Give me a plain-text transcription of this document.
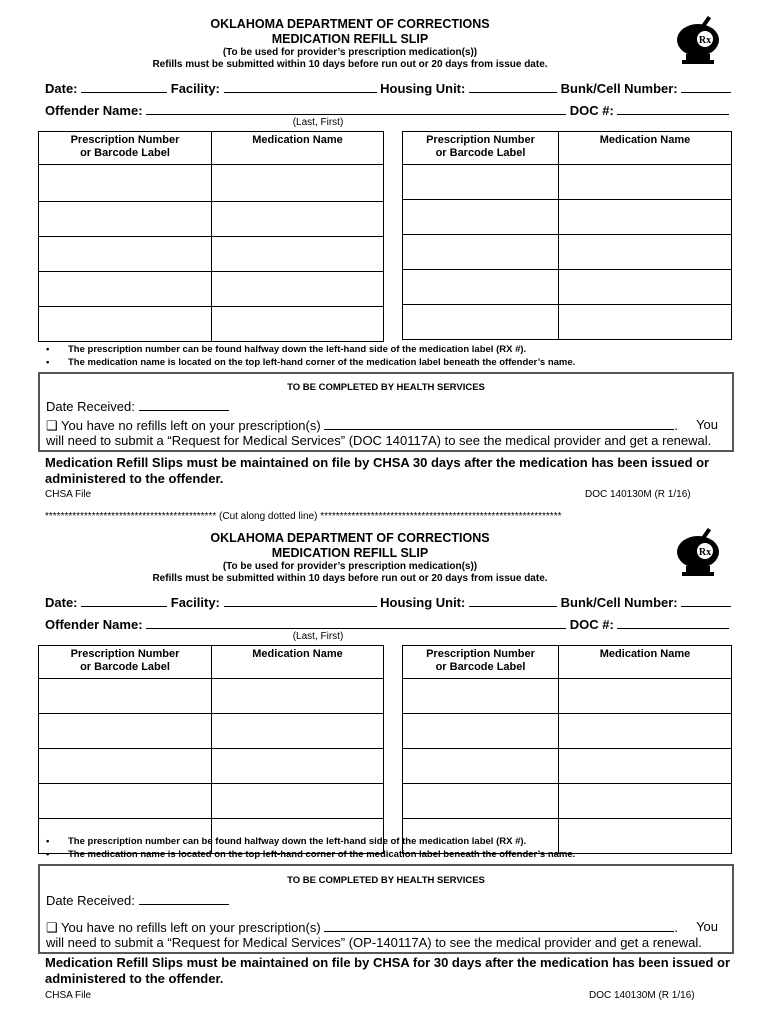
OKLAHOMA DEPARTMENT OF CORRECTIONS
MEDICATION REFILL SLIP
(To be used for provider’s prescription medication(s))
Refills must be submitted within 10 days before run out or 20 days from issue date.
Rx
Date:	Facility:	Housing Unit:	Bunk/Cell Number:
Offender Name:	DOC #:
(Last, First)
Prescription Number
or Barcode Label	Medication Name

		Prescription Number
or Barcode Label	Medication Name

• The prescription number can be found halfway down the left-hand side of the medication label (RX #).
• The medication name is located on the top left-hand corner of the medication label beneath the offender’s name.
TO BE COMPLETED BY HEALTH SERVICES
Date Received:
❑ You have no refills left on your prescription(s)	. You
will need to submit a “Request for Medical Services” (DOC 140117A) to see the medical provider and get a renewal.
Medication Refill Slips must be maintained on file by CHSA 30 days after the medication has been issued or administered to the offender.
CHSA File	DOC 140130M (R 1/16)
******************************************** (Cut along dotted line) **************************************************************
OKLAHOMA DEPARTMENT OF CORRECTIONS
MEDICATION REFILL SLIP
(To be used for provider’s prescription medication(s))
Refills must be submitted within 10 days before run out or 20 days from issue date.
Rx
Date:	Facility:	Housing Unit:	Bunk/Cell Number:
Offender Name:	DOC #:
(Last, First)
Prescription Number
or Barcode Label	Medication Name

		Prescription Number
or Barcode Label	Medication Name

• The prescription number can be found halfway down the left-hand side of the medication label (RX #).
• The medication name is located on the top left-hand corner of the medication label beneath the offender’s name.
TO BE COMPLETED BY HEALTH SERVICES
Date Received:
❑ You have no refills left on your prescription(s)	. You
will need to submit a “Request for Medical Services” (OP-140117A) to see the medical provider and get a renewal.
Medication Refill Slips must be maintained on file by CHSA for 30 days after the medication has been issued or administered to the offender.
CHSA File	DOC 140130M (R 1/16)
